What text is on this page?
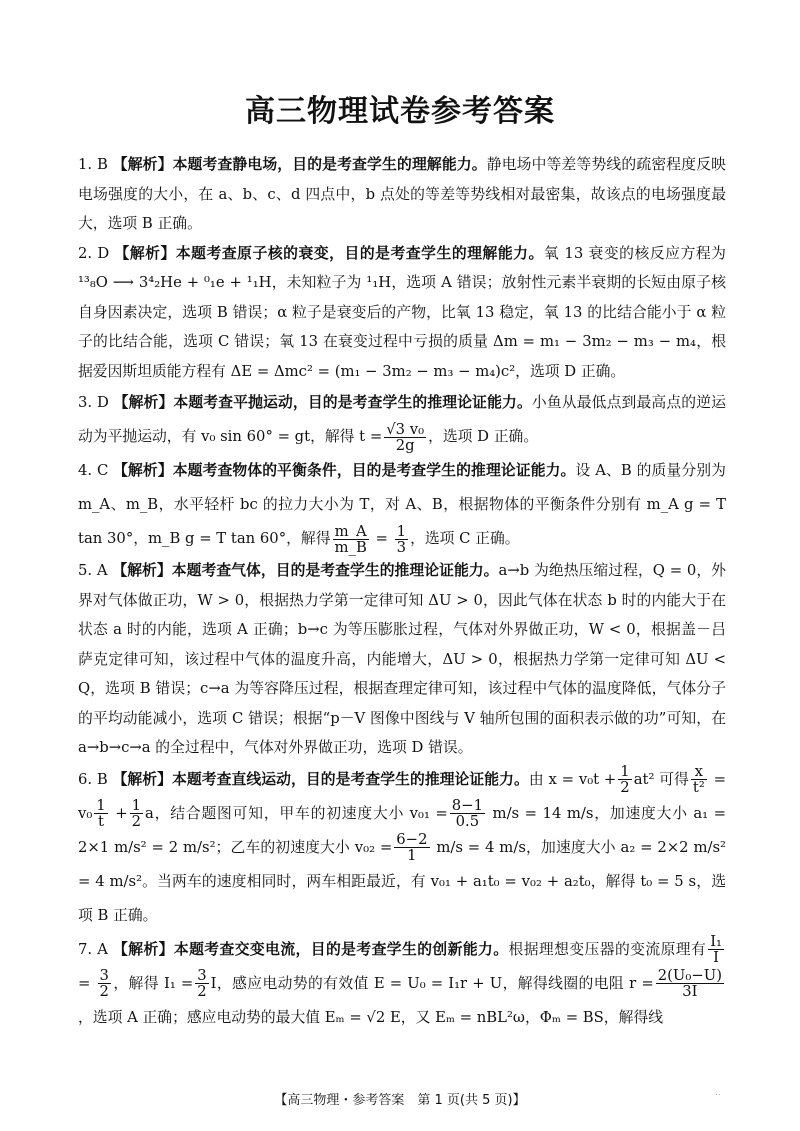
高三物理试卷参考答案

1. B 【解析】本题考查静电场，目的是考查学生的理解能力。静电场中等差等势线的疏密程度反映电场强度的大小，在 a、b、c、d 四点中，b 点处的等差等势线相对最密集，故该点的电场强度最大，选项 B 正确。

2. D 【解析】本题考查原子核的衰变，目的是考查学生的理解能力。氧 13 衰变的核反应方程为 ¹³₈O ⟶ 3⁴₂He + ⁰₁e + ¹₁H，未知粒子为 ¹₁H，选项 A 错误；放射性元素半衰期的长短由原子核自身因素决定，选项 B 错误；α 粒子是衰变后的产物，比氧 13 稳定，氧 13 的比结合能小于 α 粒子的比结合能，选项 C 错误；氧 13 在衰变过程中亏损的质量 Δm = m₁ − 3m₂ − m₃ − m₄，根据爱因斯坦质能方程有 ΔE = Δmc² = (m₁ − 3m₂ − m₃ − m₄)c²，选项 D 正确。

3. D 【解析】本题考查平抛运动，目的是考查学生的推理论证能力。小鱼从最低点到最高点的逆运动为平抛运动，有 v₀ sin 60° = gt，解得 $t = \frac{\text{√3 v₀}}{2g}$ ，选项 D 正确。

4. C 【解析】本题考查物体的平衡条件，目的是考查学生的推理论证能力。设 A、B 的质量分别为 m_A、m_B，水平轻杆 bc 的拉力大小为 T，对 A、B，根据物体的平衡条件分别有 m_A g = T tan 30°，m_B g = T tan 60°，解得 $\frac{m\_A}{m\_B} = \frac{1}{3}$ ，选项 C 正确。

5. A 【解析】本题考查气体，目的是考查学生的推理论证能力。a→b 为绝热压缩过程，Q = 0，外界对气体做正功，W > 0，根据热力学第一定律可知 ΔU > 0，因此气体在状态 b 时的内能大于在状态 a 时的内能，选项 A 正确；b→c 为等压膨胀过程，气体对外界做正功，W < 0，根据盖－吕萨克定律可知，该过程中气体的温度升高，内能增大，ΔU > 0，根据热力学第一定律可知 ΔU < Q，选项 B 错误；c→a 为等容降压过程，根据查理定律可知，该过程中气体的温度降低，气体分子的平均动能减小，选项 C 错误；根据“p－V 图像中图线与 V 轴所包围的面积表示做的功”可知，在 a→b→c→a 的全过程中，气体对外界做正功，选项 D 错误。

6. B 【解析】本题考查直线运动，目的是考查学生的推理论证能力。由 $x = v_0t + \frac{1}{2} at^2$ 可得 $\frac{x}{\text{t²}} = v_0 \frac{1}{t} + \frac{1}{2}$ a，结合题图可知，甲车的初速度大小 $v_{01} = \frac{8-1}{0.5} m/s = 14$ m/s，加速度大小 a₁ = 2×1 m/s² = 2 m/s²；乙车的初速度大小 $v_{02} = \frac{6-2}{1} m/s = 4$ m/s，加速度大小 a₂ = 2×2 m/s² = 4 m/s²。当两车的速度相同时，两车相距最近，有 v₀₁ + a₁t₀ = v₀₂ + a₂t₀，解得 t₀ = 5 s，选项 B 正确。

7. A 【解析】本题考查交变电流，目的是考查学生的创新能力。根据理想变压器的变流原理有 $\frac{\text{I₁}}{I}$
= $\frac{3}{2}$ ，解得 $I_1 = \frac{3}{2}$ I，感应电动势的有效值 E = U₀ = I₁r + U，解得线圈的电阻 $r = \frac{\text{2(U₀−U)}}{3I}$
，选项 A 正确；感应电动势的最大值 Eₘ = √2 E，又 Eₘ = nBL²ω，Φₘ = BS，解得线

【高三物理・参考答案　第 1 页(共 5 页)】	..
